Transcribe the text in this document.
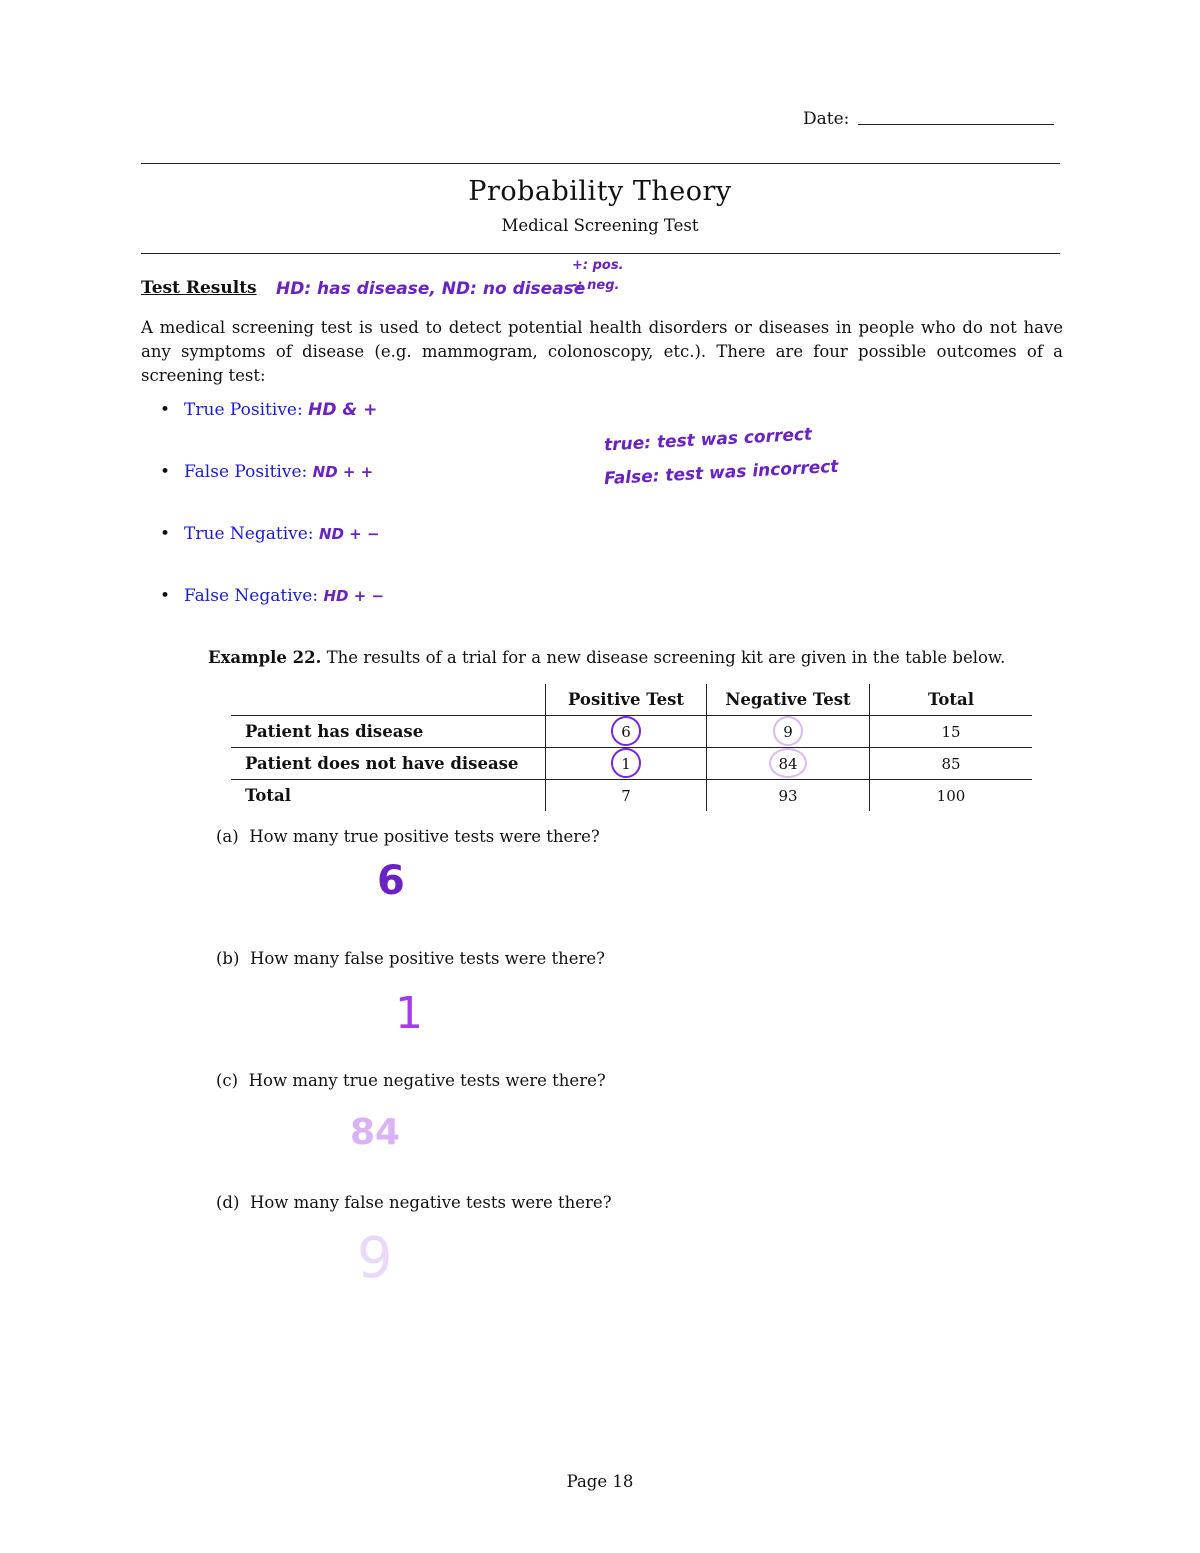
Date:
Probability Theory
Medical Screening Test
Test Results HD: has disease, ND: no disease
+: pos.
-: neg.
A medical screening test is used to detect potential health disorders or diseases in people who do not have any symptoms of disease (e.g. mammogram, colonoscopy, etc.). There are four possible outcomes of a screening test:
• True Positive: HD & +
• False Positive: ND + +
• True Negative: ND + −
• False Negative: HD + −
true: test was correct
False: test was incorrect
Example 22. The results of a trial for a new disease screening kit are given in the table below.
	Positive Test	Negative Test	Total
Patient has disease	6	9	15
Patient does not have disease	1	84	85
Total	7	93	100
(a) How many true positive tests were there?
6
(b) How many false positive tests were there?
1
(c) How many true negative tests were there?
84
(d) How many false negative tests were there?
9
Page 18
